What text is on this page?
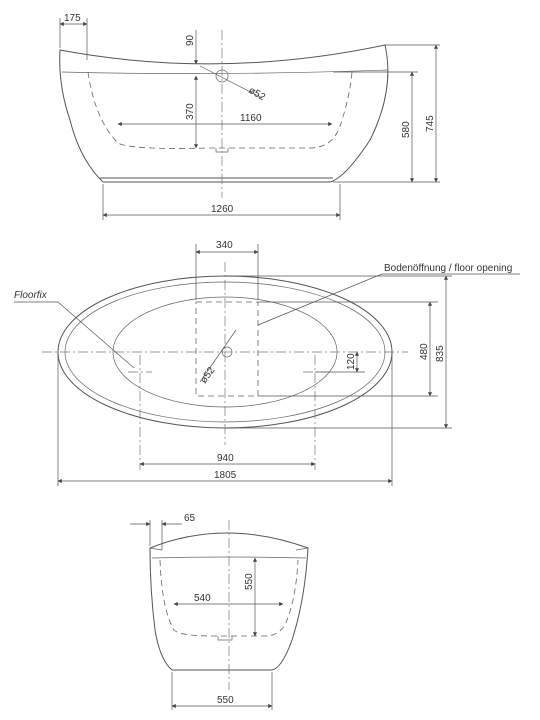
175
90
ø52
370	1160
580 745
1260
ø52
340
Bodenöffnung / floor opening
Floorfix
120
480 835
940
1805
65
550
540
550
